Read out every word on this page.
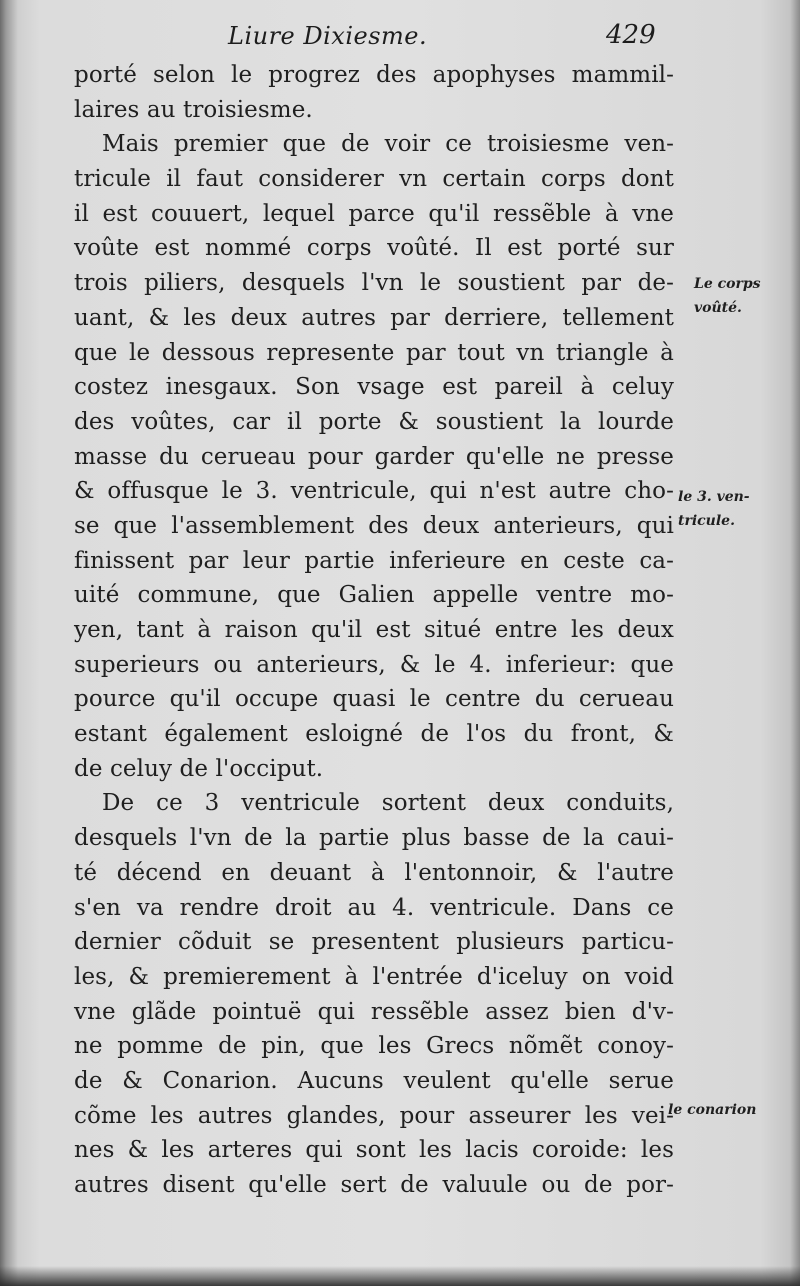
Liure Dixiesme.	429
porté selon le progrez des apophyses mammil-
laires au troisiesme.
Mais premier que de voir ce troisiesme ven-
tricule il faut considerer vn certain corps dont
il est couuert, lequel parce qu'il ressẽble à vne
voûte est nommé corps voûté. Il est porté sur
trois piliers, desquels l'vn le soustient par de-
uant, & les deux autres par derriere, tellement
que le dessous represente par tout vn triangle à
costez inesgaux. Son vsage est pareil à celuy
des voûtes, car il porte & soustient la lourde
masse du cerueau pour garder qu'elle ne presse
& offusque le 3. ventricule, qui n'est autre cho-
se que l'assemblement des deux anterieurs, qui
finissent par leur partie inferieure en ceste ca-
uité commune, que Galien appelle ventre mo-
yen, tant à raison qu'il est situé entre les deux
superieurs ou anterieurs, & le 4. inferieur: que
pource qu'il occupe quasi le centre du cerueau
estant également esloigné de l'os du front, &
de celuy de l'occiput.
De ce 3 ventricule sortent deux conduits,
desquels l'vn de la partie plus basse de la caui-
té décend en deuant à l'entonnoir, & l'autre
s'en va rendre droit au 4. ventricule. Dans ce
dernier cõduit se presentent plusieurs particu-
les, & premierement à l'entrée d'iceluy on void
vne glãde pointuë qui ressẽble assez bien d'v-
ne pomme de pin, que les Grecs nõmẽt conoy-
de & Conarion. Aucuns veulent qu'elle serue
cõme les autres glandes, pour asseurer les vei-
nes & les arteres qui sont les lacis coroide: les
autres disent qu'elle sert de valuule ou de por-
Le corps
voûté.
le 3. ven-
tricule.
le conarion
